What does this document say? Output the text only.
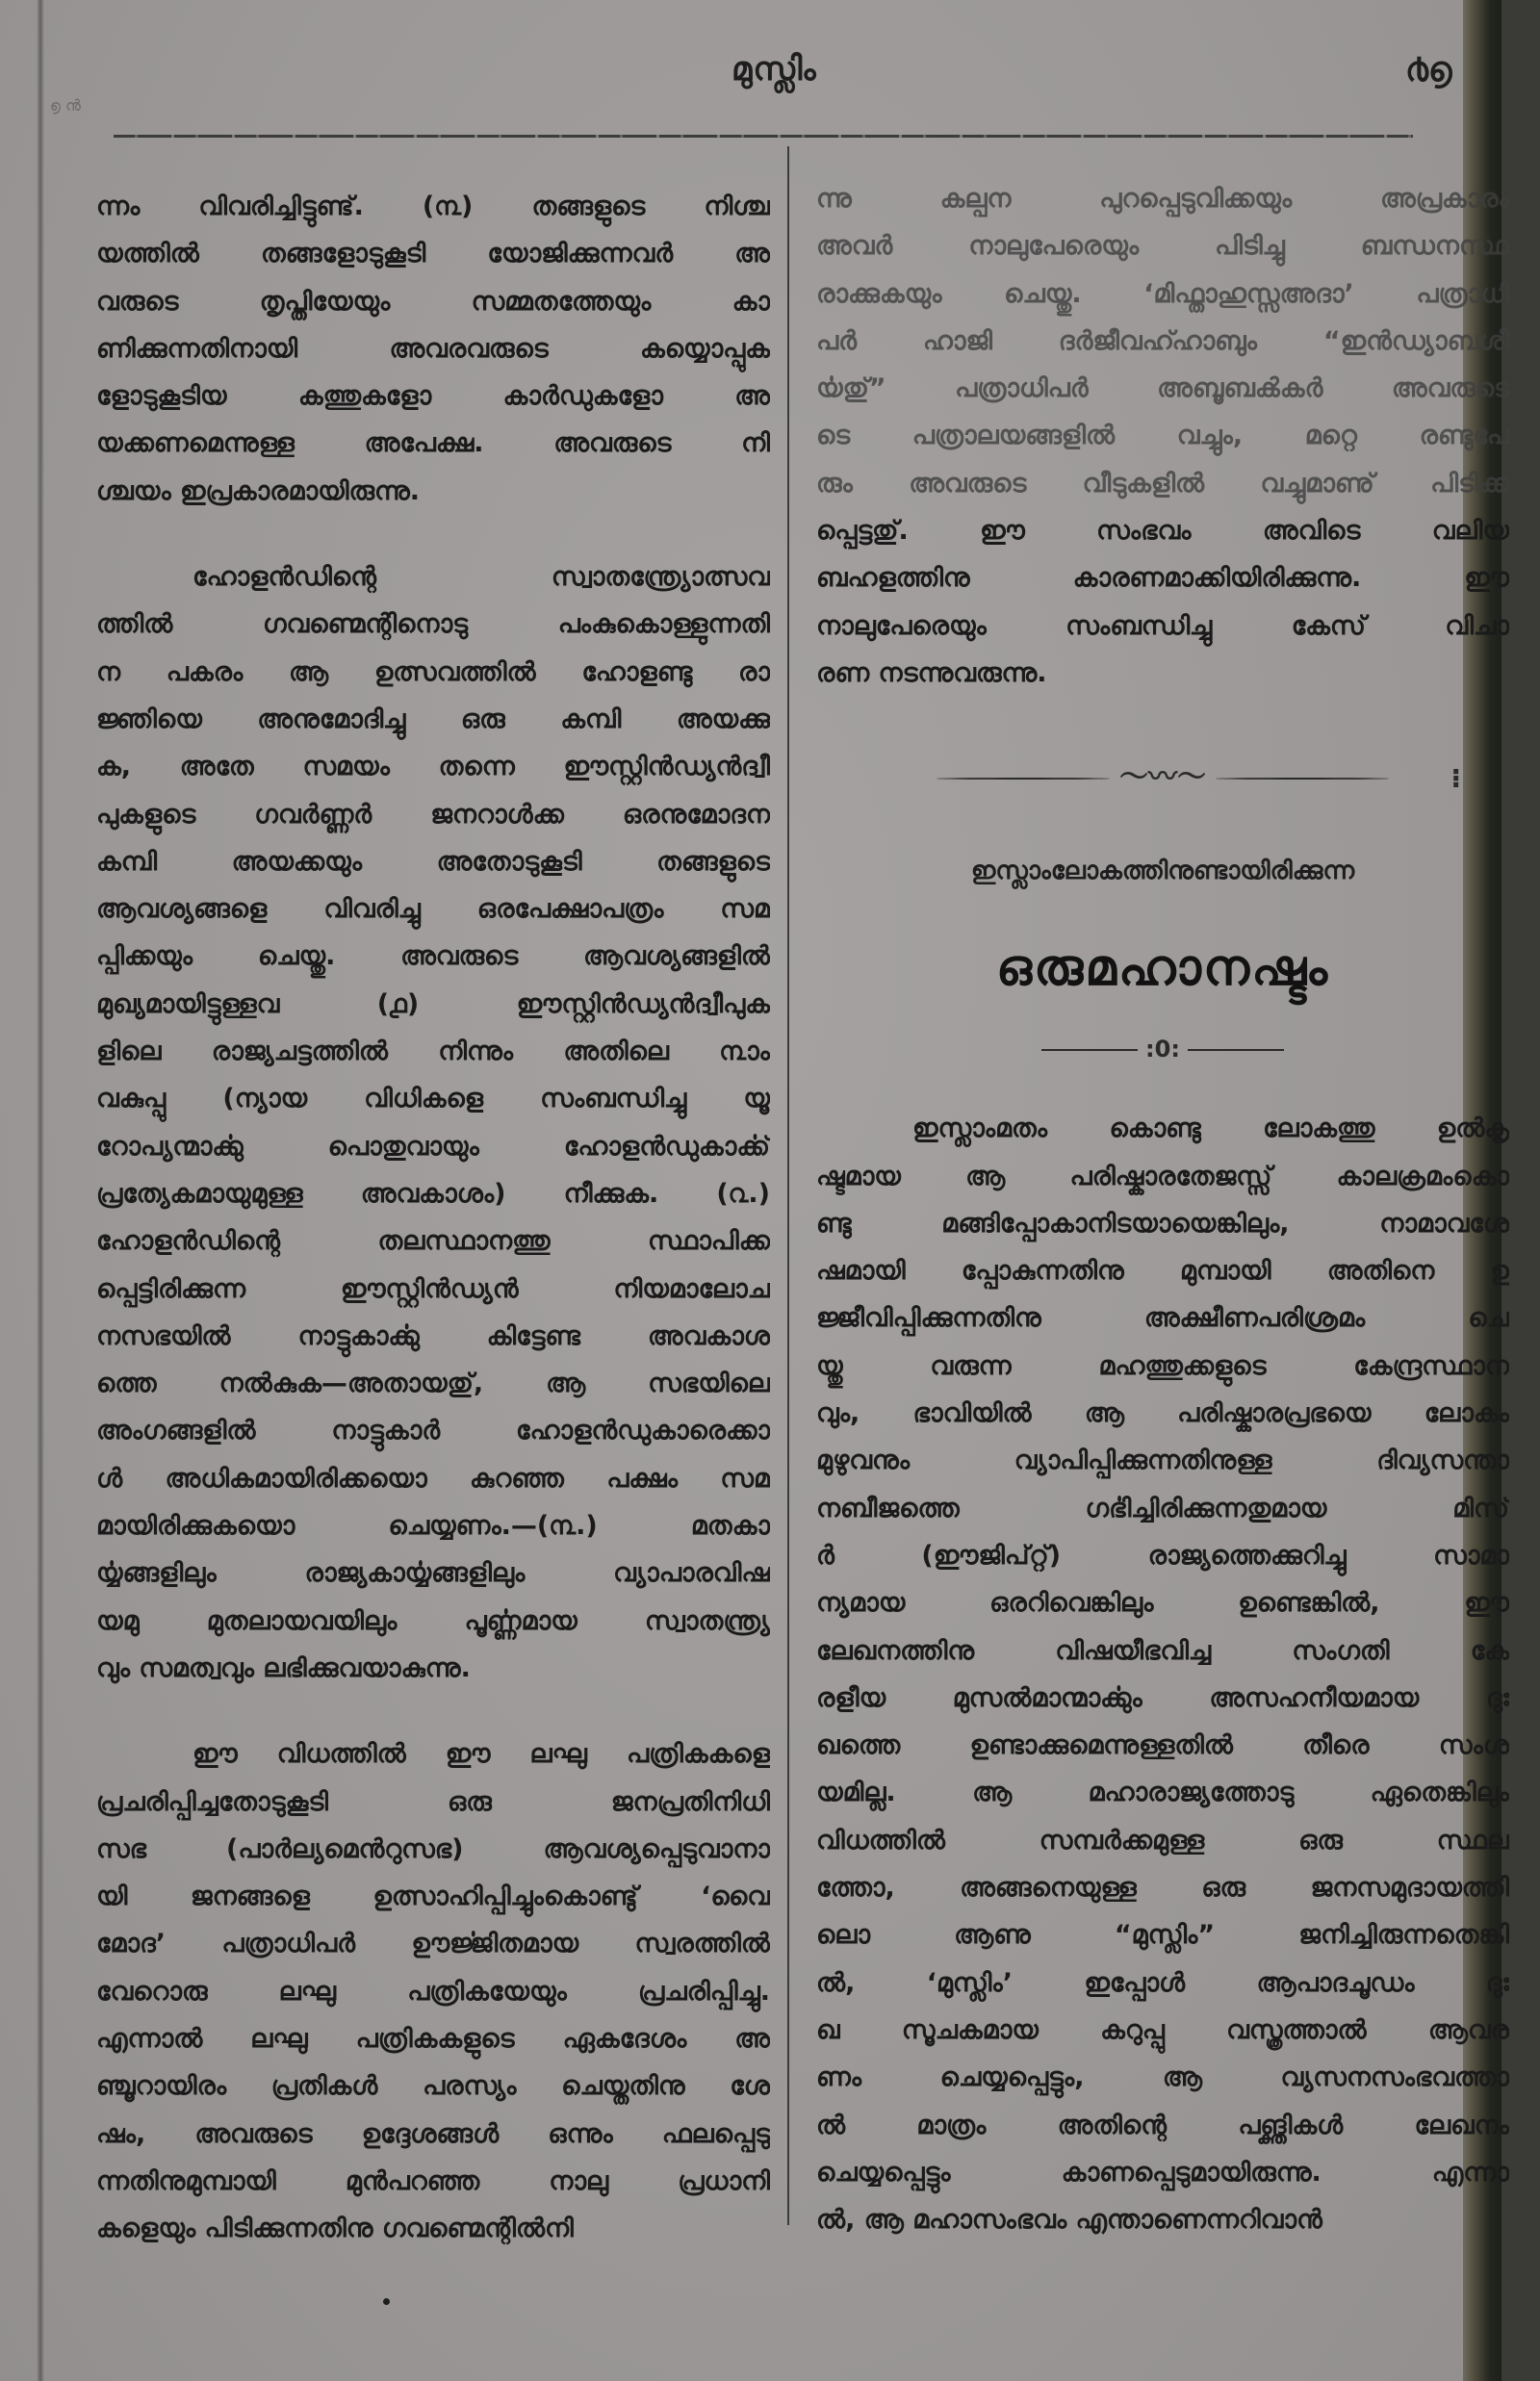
മുസ്ലിം	൪൭
൭ ൻ
ന്നം വിവരിച്ചിട്ടുണ്ട്. (൩) തങ്ങളുടെ നിശ്ച
യത്തിൽ തങ്ങളോടുകൂടി യോജിക്കുന്നവർ അ
വരുടെ തൃപ്തിയേയും സമ്മതത്തേയും കാ
ണിക്കുന്നതിനായി അവരവരുടെ കയ്യൊപ്പുക
ളോടുകൂടിയ കത്തുകളോ കാർഡുകളോ അ
യക്കണമെന്നുള്ള അപേക്ഷ. അവരുടെ നി
ശ്ചയം ഇപ്രകാരമായിരുന്നു.
ഹോളൻഡിന്റെ സ്വാതന്ത്ര്യോത്സവ
ത്തിൽ ഗവണ്മെന്റിനൊടു പംകുകൊള്ളുന്നതി
ന പകരം ആ ഉത്സവത്തിൽ ഹോളണ്ടു രാ
ജ്ഞിയെ അനുമോദിച്ചു ഒരു കമ്പി അയക്കു
ക, അതേ സമയം തന്നെ ഈസ്റ്റിൻഡ്യൻദ്വീ
പുകളുടെ ഗവർണ്ണർ ജനറാൾക്ക ഒരനുമോദന
കമ്പി അയക്കയും അതോടുകൂടി തങ്ങളുടെ
ആവശ്യങ്ങളെ വിവരിച്ചു ഒരപേക്ഷാപത്രം സമ
പ്പിക്കയും ചെയ്തു. അവരുടെ ആവശ്യങ്ങളിൽ
മുഖ്യമായിട്ടുള്ളവ (൧) ഈസ്റ്റിൻഡ്യൻദ്വീപുക
ളിലെ രാജ്യചട്ടത്തിൽ നിന്നും അതിലെ ൩ാം
വകുപ്പു (ന്യായ വിധികളെ സംബന്ധിച്ചു യൂ
റോപ്യന്മാൎക്കു പൊതുവായും ഹോളൻഡുകാൎക്ക്
പ്രത്യേകമായുമുള്ള അവകാശം) നീക്കുക. (൨.)
ഹോളൻഡിന്റെ തലസ്ഥാനത്തു സ്ഥാപിക്ക
പ്പെട്ടിരിക്കുന്ന ഈസ്റ്റിൻഡ്യൻ നിയമാലോച
നസഭയിൽ നാട്ടുകാൎക്കു കിട്ടേണ്ട അവകാശ
ത്തെ നൽകുക—അതായതു്, ആ സഭയിലെ
അംഗങ്ങളിൽ നാട്ടുകാർ ഹോളൻഡുകാരെക്കാ
ൾ അധികമായിരിക്കയൊ കുറഞ്ഞ പക്ഷം സമ
മായിരിക്കുകയൊ ചെയ്യണം.—(൩.) മതകാ
ൎയ്യങ്ങളിലും രാജ്യകാൎയ്യങ്ങളിലും വ്യാപാരവിഷ
യമു മുതലായവയിലും പൂൎണ്ണമായ സ്വാതന്ത്ര്യ
വും സമത്വവും ലഭിക്കുവയാകുന്നു.
ഈ വിധത്തിൽ ഈ ലഘു പത്രികകളെ
പ്രചരിപ്പിച്ചതോടുകൂടി ഒരു ജനപ്രതിനിധി
സഭ (പാർല്യമെൻറുസഭ) ആവശ്യപ്പെടുവാനാ
യി ജനങ്ങളെ ഉത്സാഹിപ്പിച്ചുംകൊണ്ടു് ‘വൈ
മോദ’ പത്രാധിപർ ഊൎജ്ജിതമായ സ്വരത്തിൽ
വേറൊരു ലഘു പത്രികയേയും പ്രചരിപ്പിച്ചു.
എന്നാൽ ലഘു പത്രികകളുടെ ഏകദേശം അ
ഞ്ചൂറായിരം പ്രതികൾ പരസ്യം ചെയ്തതിനു ശേ
ഷം, അവരുടെ ഉദ്ദേശങ്ങൾ ഒന്നും ഫലപ്പെടു
ന്നതിനുമുമ്പായി മുൻപറഞ്ഞ നാലു പ്രധാനി
കളെയും പിടിക്കുന്നതിനു ഗവണ്മെന്റിൽനി
ന്നു കല്പന പുറപ്പെടുവിക്കയും അപ്രകാരം
അവർ നാലുപേരെയും പിടിച്ചു ബന്ധനസ്ഥ
രാക്കുകയും ചെയ്തു. ‘മിഫ്താഹുസ്സഅദാ’ പത്രാധി
പർ ഹാജി ദർജീവഹ്ഹാബും “ഇൻഡ്യാബശീ
ൎയതു്” പത്രാധിപർ അബൂബൿകർ അവരുടെ
ടെ പത്രാലയങ്ങളിൽ വച്ചും, മറ്റെ രണ്ടുപേ
രും അവരുടെ വീടുകളിൽ വച്ചുമാണു് പിടിക്ക
പ്പെട്ടതു്. ഈ സംഭവം അവിടെ വലിയ
ബഹളത്തിനു കാരണമാക്കിയിരിക്കുന്നു. ഈ
നാലുപേരെയും സംബന്ധിച്ചു കേസ് വിചാ
രണ നടന്നുവരുന്നു.
〜〰〜	⁝
ഇസ്ലാംലോകത്തിനുണ്ടായിരിക്കുന്ന
ഒരുമഹാനഷ്ടം
:0:
ഇസ്ലാംമതം കൊണ്ടു ലോകത്തു ഉൽകൃ
ഷ്ടമായ ആ പരിഷ്കാരതേജസ്സ് കാലക്രമംകൊ
ണ്ടു മങ്ങിപ്പോകാനിടയായെങ്കിലും, നാമാവശേ
ഷമായി പ്പോകുന്നതിനു മുമ്പായി അതിനെ ഉ
ജ്ജീവിപ്പിക്കുന്നതിനു അക്ഷീണപരിശ്രമം ചെ
യ്തു വരുന്ന മഹത്തുക്കളുടെ കേന്ദ്രസ്ഥാന
വും, ഭാവിയിൽ ആ പരിഷ്കാരപ്രഭയെ ലോകം
മുഴുവനും വ്യാപിപ്പിക്കുന്നതിനുള്ള ദിവ്യസന്താ
നബീജത്തെ ഗൎഭിച്ചിരിക്കുന്നതുമായ മിസ്
ർ (ഈജിപ്റ്റ്) രാജ്യത്തെക്കുറിച്ചു സാമാ
ന്യമായ ഒരറിവെങ്കിലും ഉണ്ടെങ്കിൽ, ഈ
ലേഖനത്തിനു വിഷയീഭവിച്ച സംഗതി കേ
രളീയ മുസൽമാന്മാൎക്കും അസഹനീയമായ ദുഃ
ഖത്തെ ഉണ്ടാക്കുമെന്നുള്ളതിൽ തീരെ സംശ
യമില്ല. ആ മഹാരാജ്യത്തോടു ഏതെങ്കിലും
വിധത്തിൽ സമ്പർക്കമുള്ള ഒരു സ്ഥല
ത്തോ, അങ്ങനെയുള്ള ഒരു ജനസമുദായത്തി
ലൊ ആണു “മുസ്ലിം” ജനിച്ചിരുന്നതെങ്കി
ൽ, ‘മുസ്ലിം’ ഇപ്പോൾ ആപാദചൂഡം ദുഃ
ഖ സൂചകമായ കറുപ്പു വസ്ത്രത്താൽ ആവര
ണം ചെയ്യപ്പെട്ടും, ആ വ്യസനസംഭവത്താ
ൽ മാത്രം അതിന്റെ പങ്ക്തികൾ ലേഖനം
ചെയ്യപ്പെട്ടും കാണപ്പെടുമായിരുന്നു. എന്നാ
ൽ, ആ മഹാസംഭവം എന്താണെന്നറിവാൻ
